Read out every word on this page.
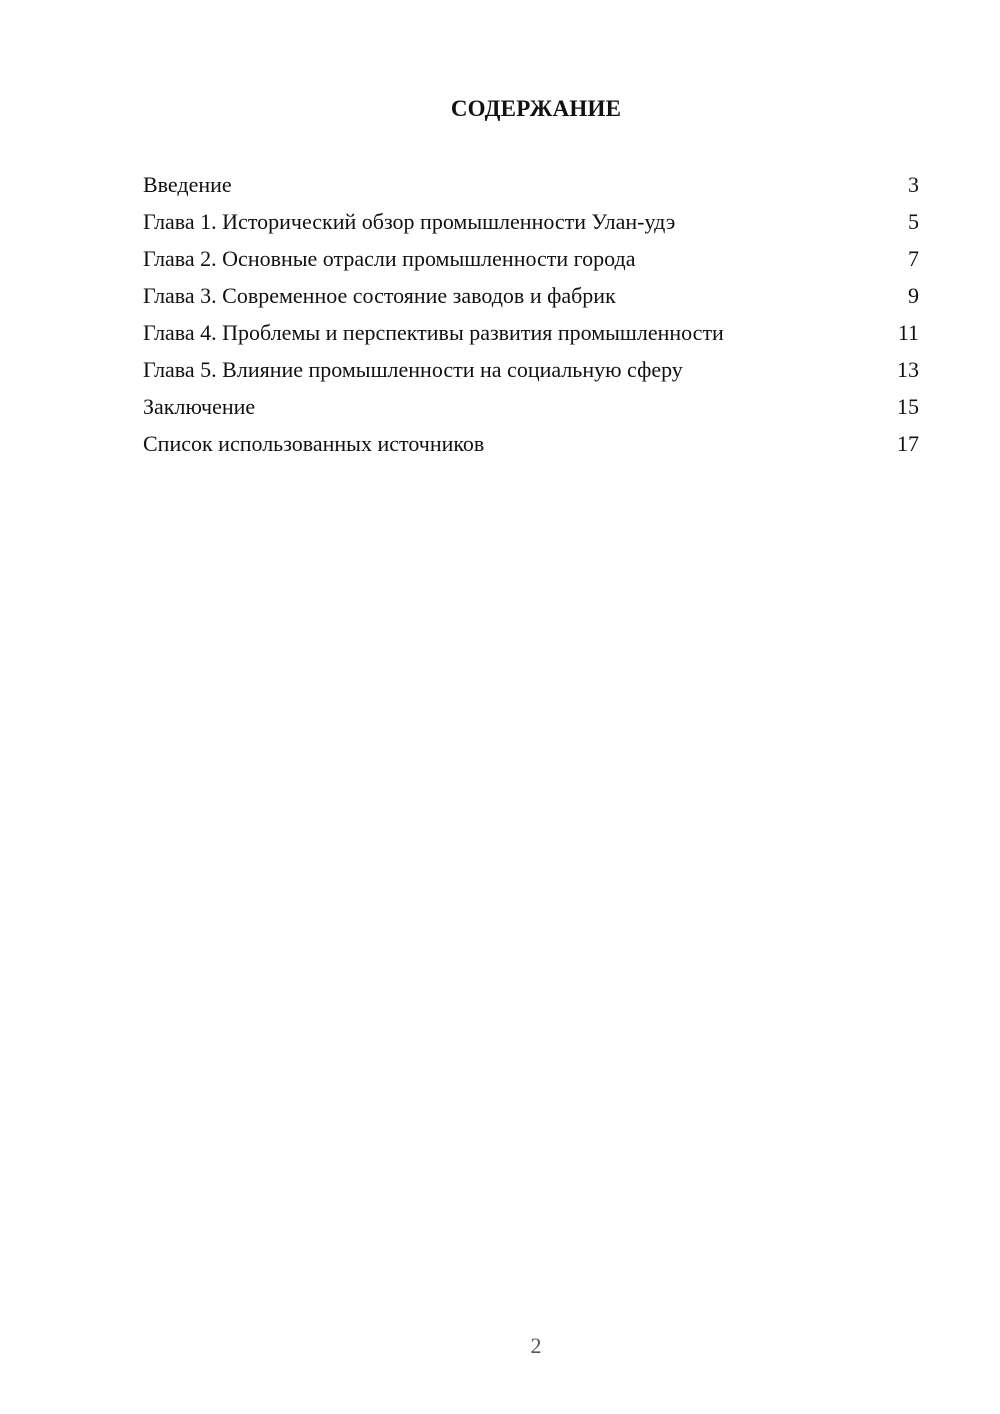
СОДЕРЖАНИЕ
Введение	3
Глава 1. Исторический обзор промышленности Улан-удэ	5
Глава 2. Основные отрасли промышленности города	7
Глава 3. Современное состояние заводов и фабрик	9
Глава 4. Проблемы и перспективы развития промышленности	11
Глава 5. Влияние промышленности на социальную сферу	13
Заключение	15
Список использованных источников	17
2
